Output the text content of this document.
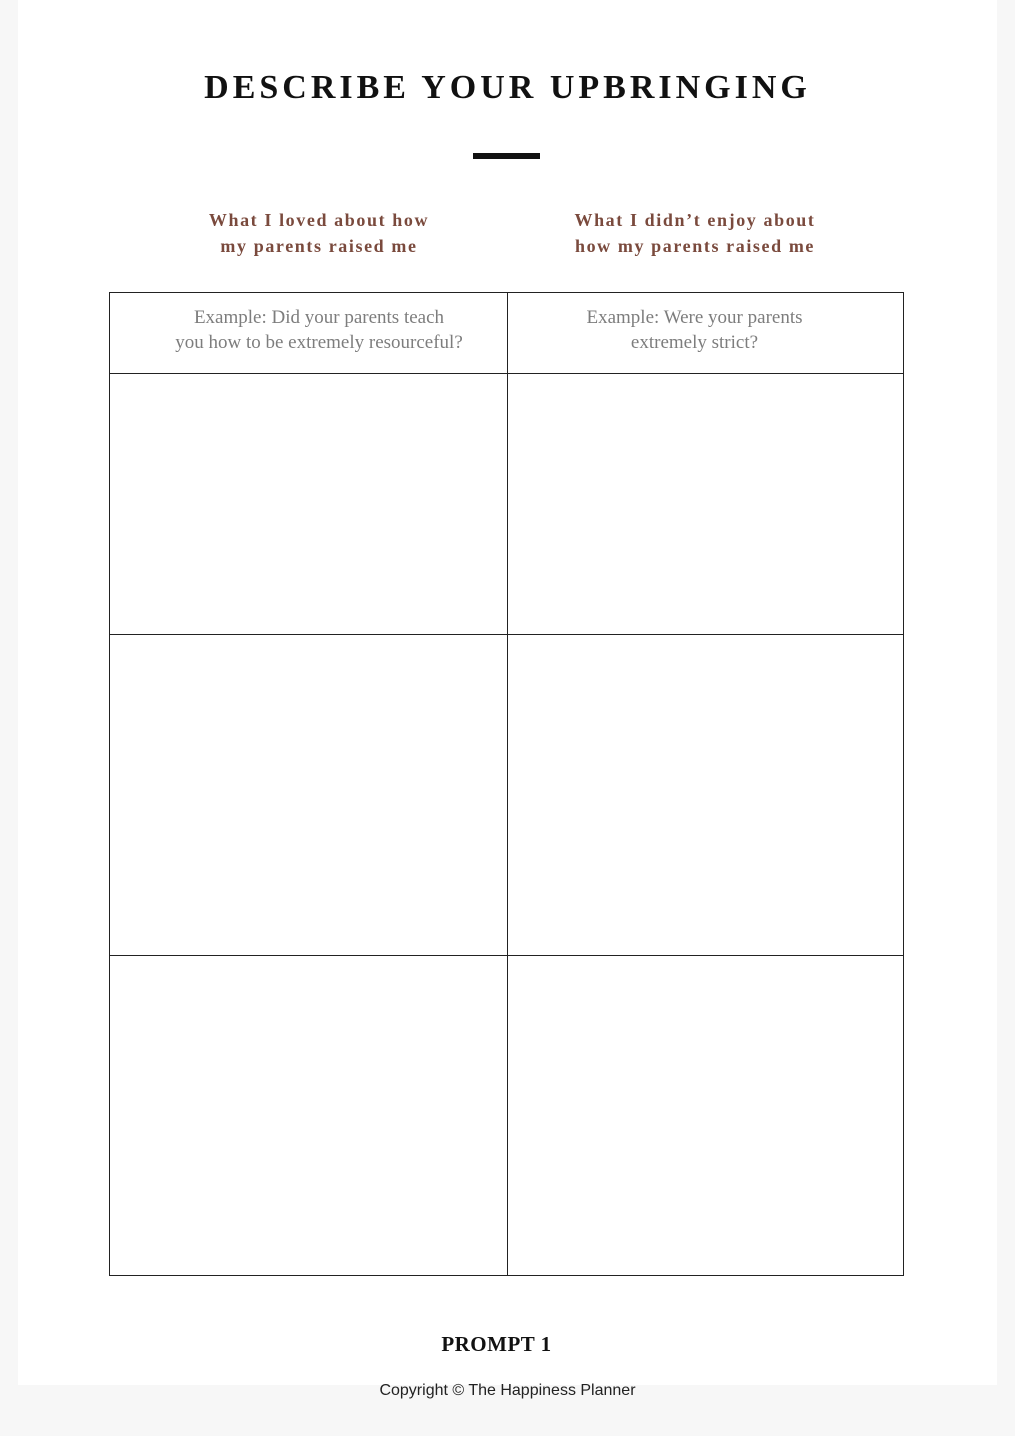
DESCRIBE YOUR UPBRINGING
What I loved about how
my parents raised me
What I didn’t enjoy about
how my parents raised me
Example: Did your parents teach
you how to be extremely resourceful?
Example: Were your parents
extremely strict?
PROMPT 1
Copyright © The Happiness Planner
